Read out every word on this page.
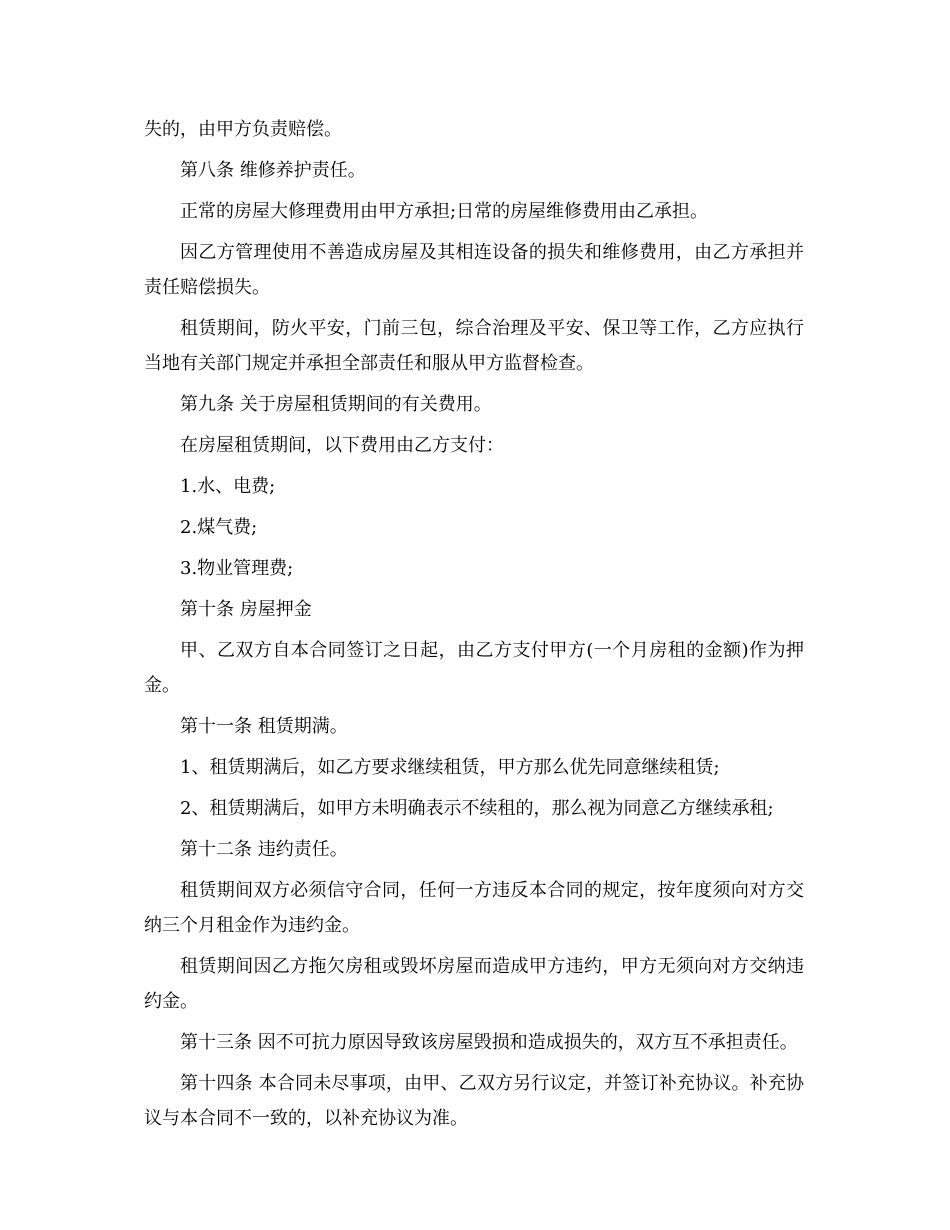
失的，由甲方负责赔偿。

第八条 维修养护责任。

正常的房屋大修理费用由甲方承担;日常的房屋维修费用由乙承担。

因乙方管理使用不善造成房屋及其相连设备的损失和维修费用，由乙方承担并责任赔偿损失。

租赁期间，防火平安，门前三包，综合治理及平安、保卫等工作，乙方应执行当地有关部门规定并承担全部责任和服从甲方监督检查。

第九条 关于房屋租赁期间的有关费用。

在房屋租赁期间，以下费用由乙方支付：

1.水、电费;

2.煤气费;

3.物业管理费;

第十条 房屋押金

甲、乙双方自本合同签订之日起，由乙方支付甲方(一个月房租的金额)作为押金。

第十一条 租赁期满。

1、租赁期满后，如乙方要求继续租赁，甲方那么优先同意继续租赁;

2、租赁期满后，如甲方未明确表示不续租的，那么视为同意乙方继续承租;

第十二条 违约责任。

租赁期间双方必须信守合同，任何一方违反本合同的规定，按年度须向对方交纳三个月租金作为违约金。

租赁期间因乙方拖欠房租或毁坏房屋而造成甲方违约，甲方无须向对方交纳违约金。

第十三条 因不可抗力原因导致该房屋毁损和造成损失的，双方互不承担责任。

第十四条 本合同未尽事项，由甲、乙双方另行议定，并签订补充协议。补充协议与本合同不一致的，以补充协议为准。
